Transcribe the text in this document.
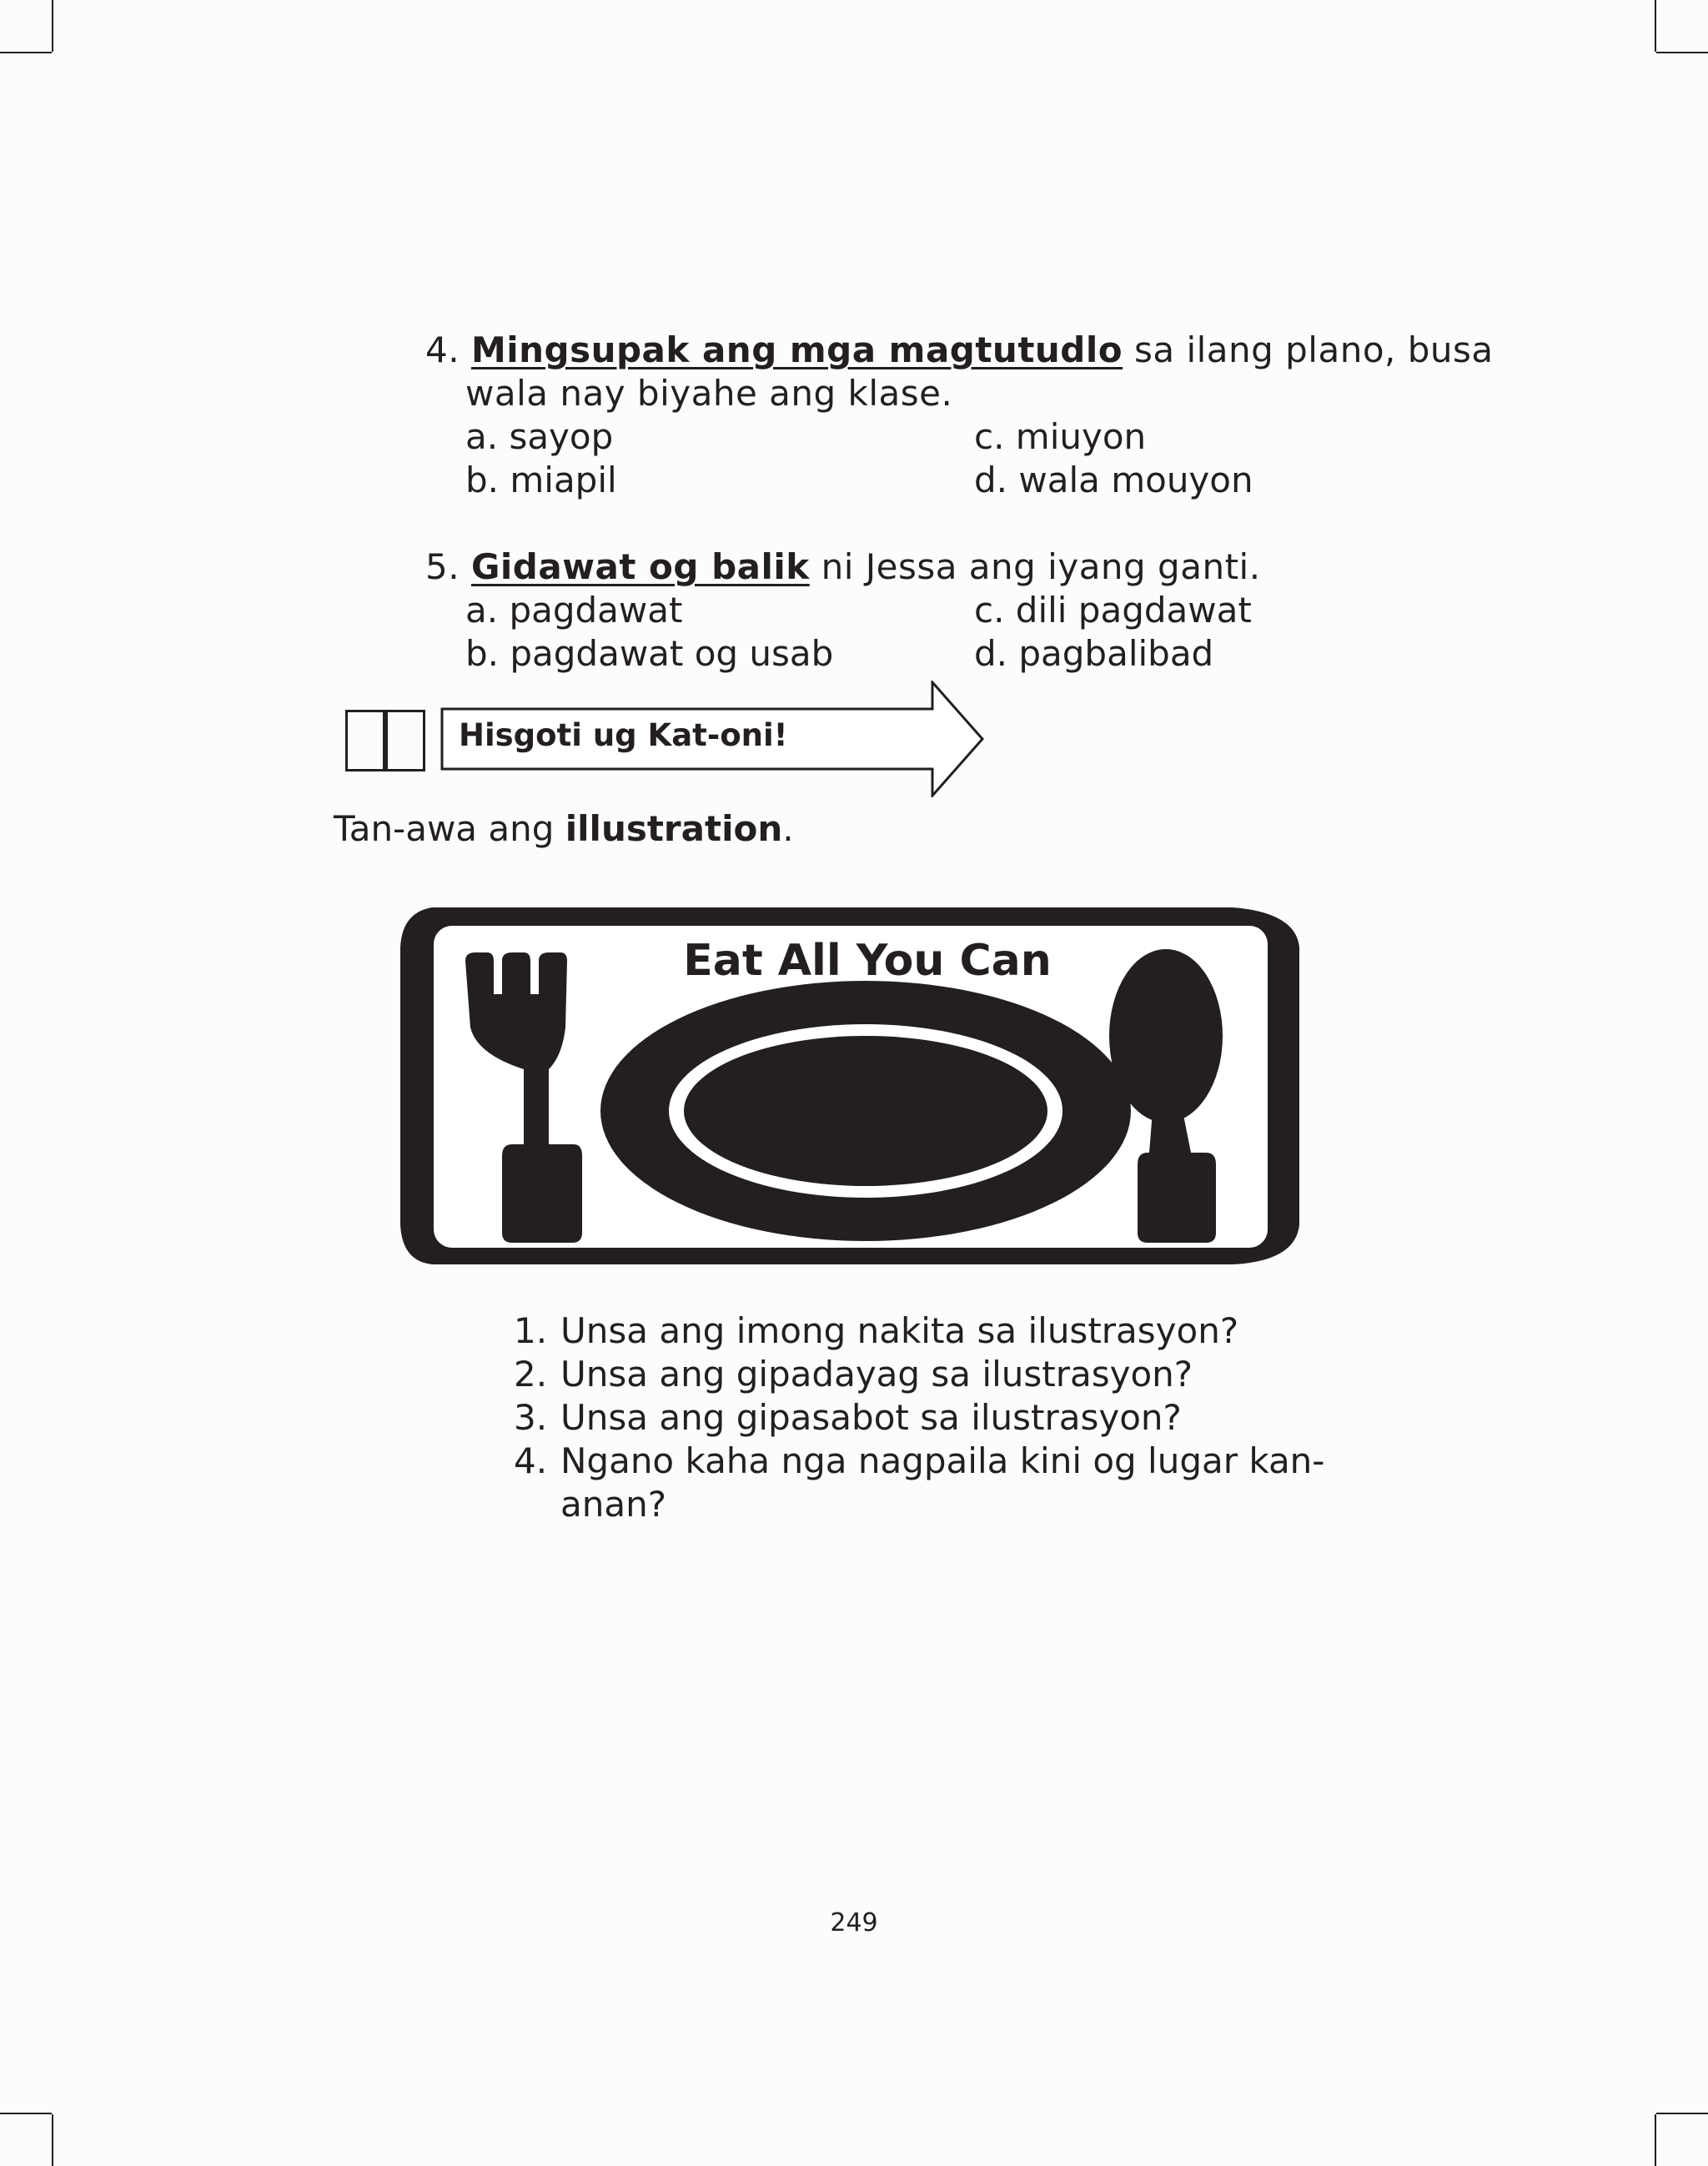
4. Mingsupak ang mga magtutudlo sa ilang plano, busa
wala nay biyahe ang klase.
a. sayop	c. miuyon
b. miapil	d. wala mouyon
5. Gidawat og balik ni Jessa ang iyang ganti.
a. pagdawat	c. dili pagdawat
b. pagdawat og usab	d. pagbalibad
Hisgoti ug Kat-oni!
Tan-awa ang illustration.
Eat All You Can
1. Unsa ang imong nakita sa ilustrasyon?
2. Unsa ang gipadayag sa ilustrasyon?
3. Unsa ang gipasabot sa ilustrasyon?
4. Ngano kaha nga nagpaila kini og lugar kan-anan?
249
